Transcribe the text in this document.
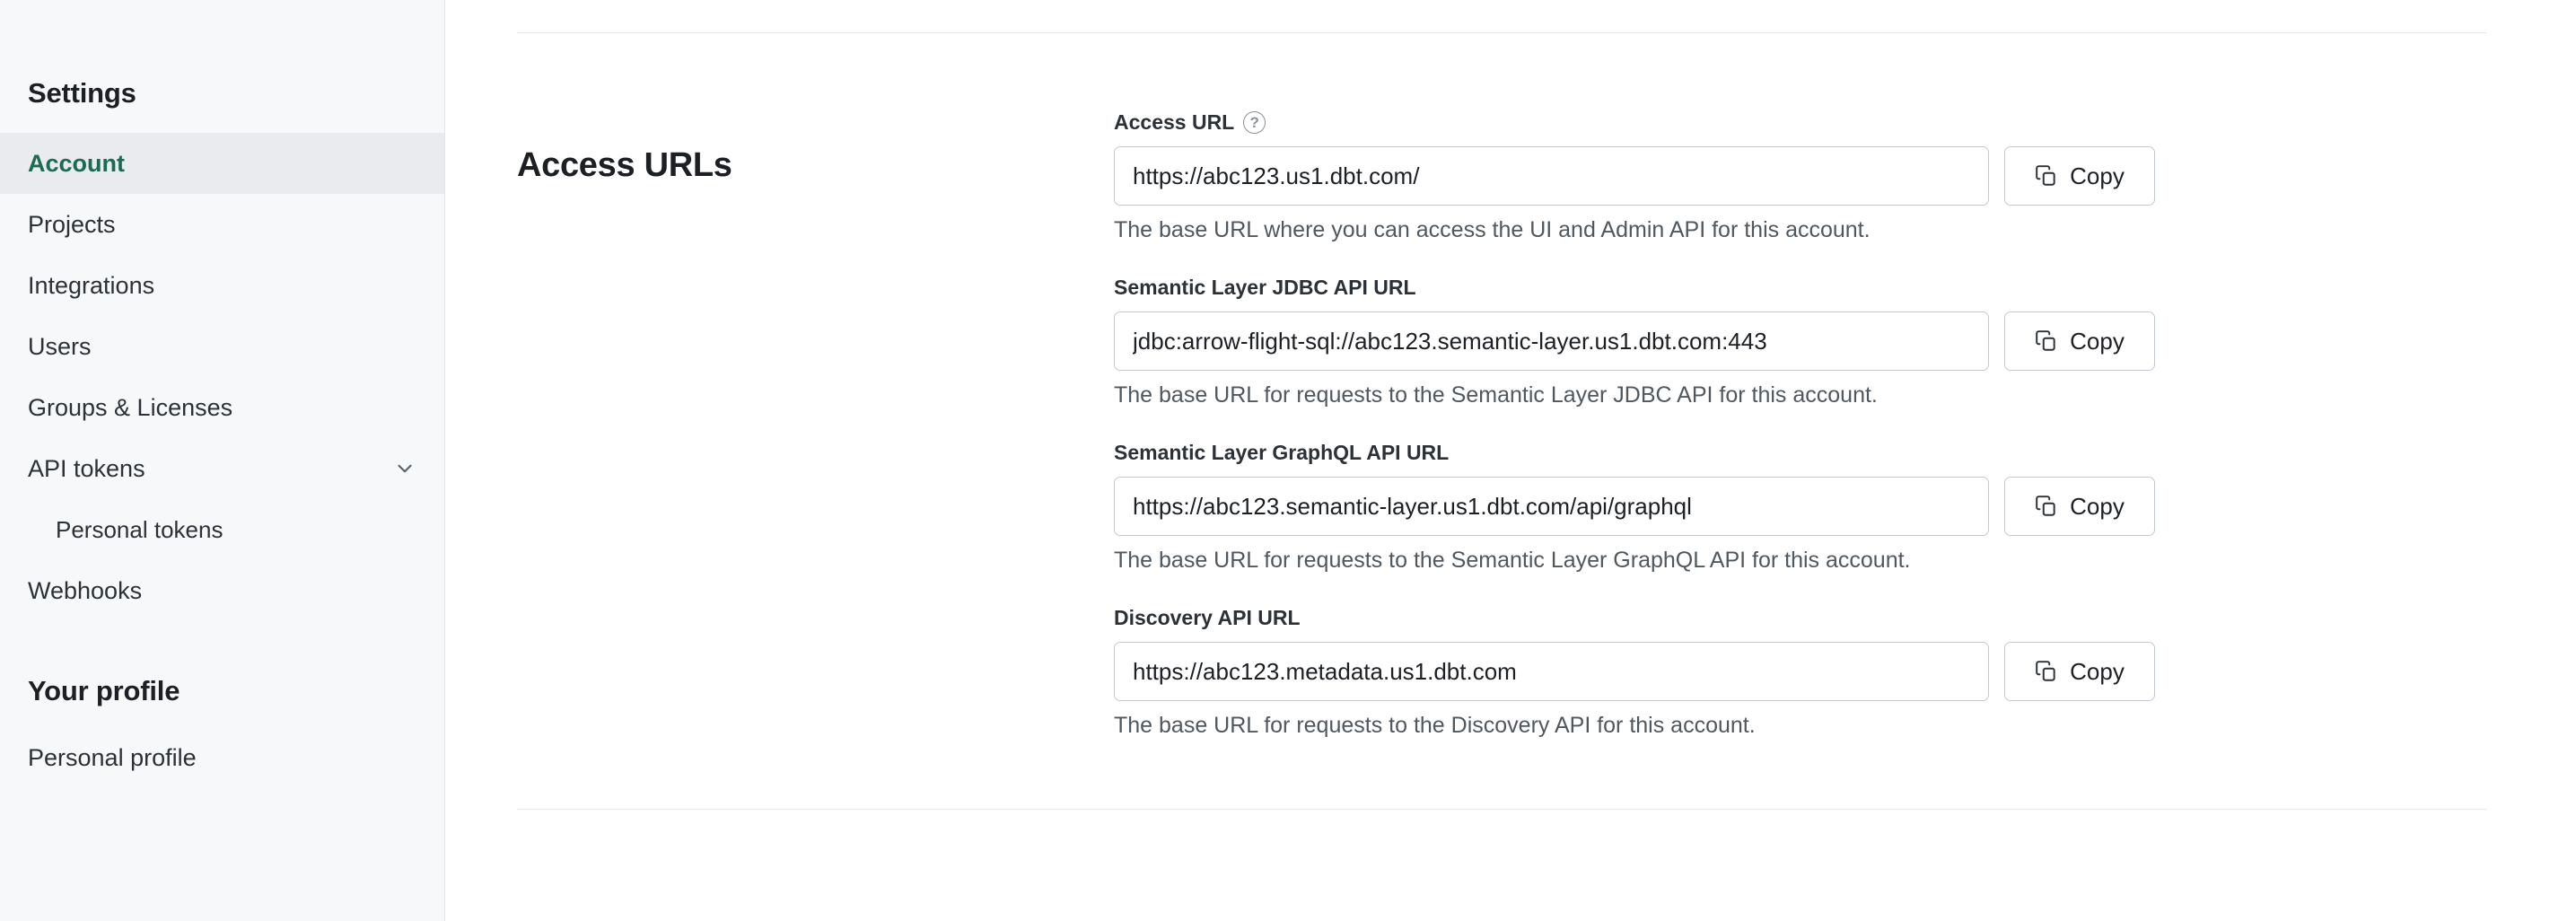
Settings
Account
Projects
Integrations
Users
Groups & Licenses
API tokens
Personal tokens
Webhooks
Your profile
Personal profile
Access URLs
Access URL	?
https://abc123.us1.dbt.com/
Copy
The base URL where you can access the UI and Admin API for this account.
Semantic Layer JDBC API URL
jdbc:arrow-flight-sql://abc123.semantic-layer.us1.dbt.com:443
Copy
The base URL for requests to the Semantic Layer JDBC API for this account.
Semantic Layer GraphQL API URL
https://abc123.semantic-layer.us1.dbt.com/api/graphql
Copy
The base URL for requests to the Semantic Layer GraphQL API for this account.
Discovery API URL
https://abc123.metadata.us1.dbt.com
Copy
The base URL for requests to the Discovery API for this account.
